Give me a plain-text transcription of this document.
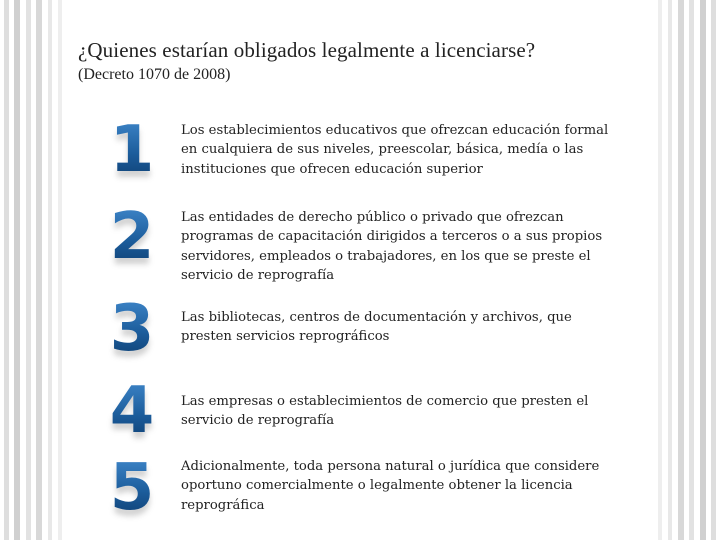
¿Quienes estarían obligados legalmente a licenciarse?
(Decreto 1070 de 2008)
1	Los establecimientos educativos que ofrezcan educación formal en cualquiera de sus niveles, preescolar, básica, medía o las instituciones que ofrecen educación superior
2	Las entidades de derecho público o privado que ofrezcan programas de capacitación dirigidos a terceros o a sus propios servidores, empleados o trabajadores, en los que se preste el servicio de reprografía
3	Las bibliotecas, centros de documentación y archivos, que presten servicios reprográficos
4	Las empresas o establecimientos de comercio que presten el servicio de reprografía
5	Adicionalmente, toda persona natural o jurídica que considere oportuno comercialmente o legalmente obtener la licencia reprográfica
